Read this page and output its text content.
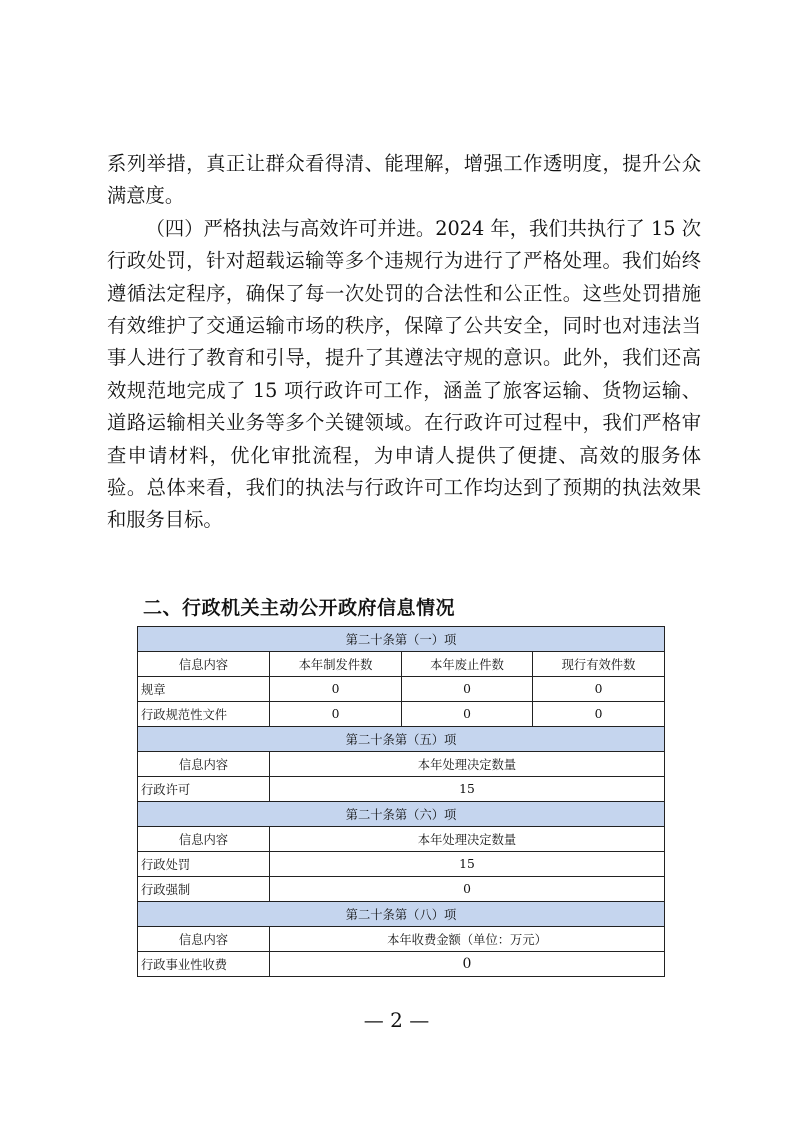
系列举措，真正让群众看得清、能理解，增强工作透明度，提升公众满意度。

（四）严格执法与高效许可并进。2024 年，我们共执行了 15 次行政处罚，针对超载运输等多个违规行为进行了严格处理。我们始终遵循法定程序，确保了每一次处罚的合法性和公正性。这些处罚措施有效维护了交通运输市场的秩序，保障了公共安全，同时也对违法当事人进行了教育和引导，提升了其遵法守规的意识。此外，我们还高效规范地完成了 15 项行政许可工作，涵盖了旅客运输、货物运输、道路运输相关业务等多个关键领域。在行政许可过程中，我们严格审查申请材料，优化审批流程，为申请人提供了便捷、高效的服务体验。总体来看，我们的执法与行政许可工作均达到了预期的执法效果和服务目标。

二、行政机关主动公开政府信息情况
第二十条第（一）项			
信息内容	本年制发件数	本年废止件数	现行有效件数
规章	0	0	0
行政规范性文件	0	0	0
第二十条第（五）项			
信息内容	本年处理决定数量		
行政许可	15		
第二十条第（六）项			
信息内容	本年处理决定数量		
行政处罚	15		
行政强制	0		
第二十条第（八）项			
信息内容	本年收费金额（单位：万元）		
行政事业性收费	0		
— 2 —
